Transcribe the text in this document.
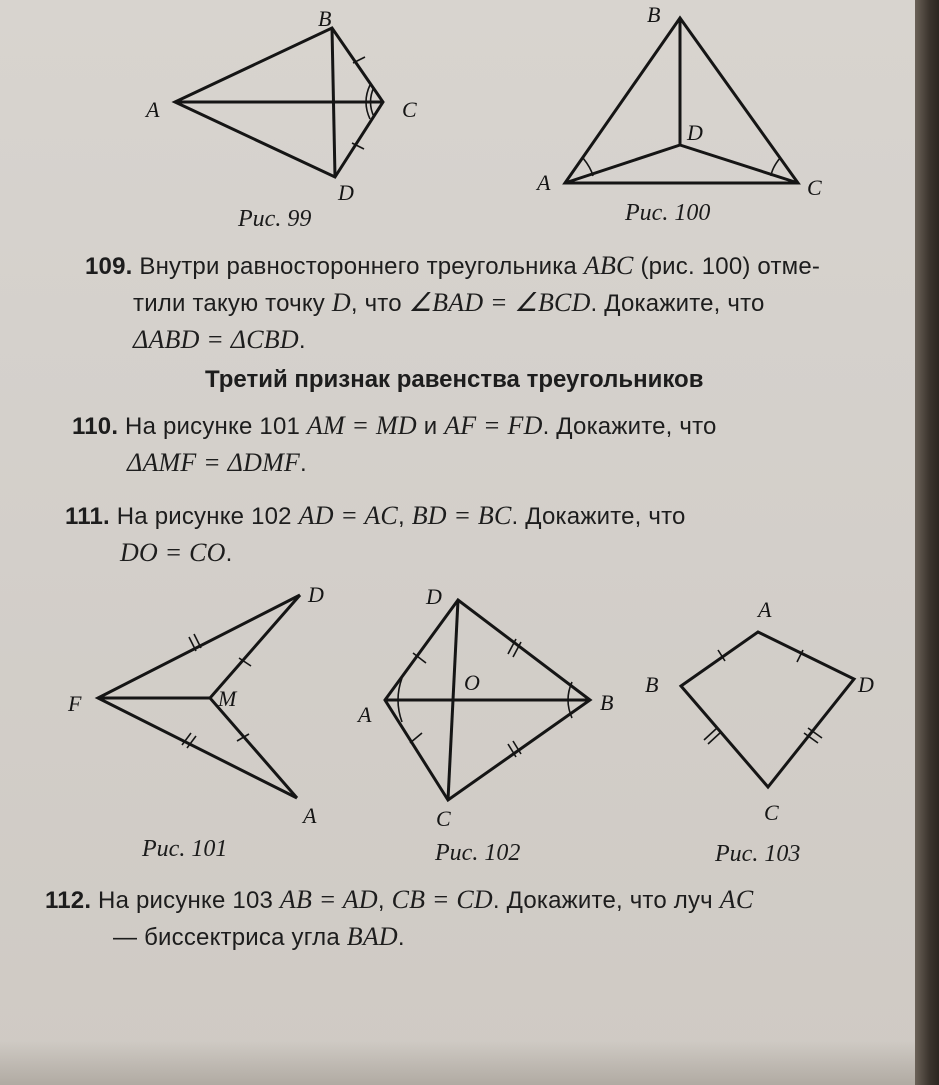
A
B
C
D
Рис. 99
A
B
C
D
Рис. 100
109. Внутри равностороннего треугольника ABC (рис. 100) отме-
тили такую точку D, что ∠BAD = ∠BCD. Докажите, что
ΔABD = ΔCBD.
Третий признак равенства треугольников
110. На рисунке 101 AM = MD и AF = FD. Докажите, что
ΔAMF = ΔDMF.
111. На рисунке 102 AD = AC, BD = BC. Докажите, что
DO = CO.
F	M
D
A
Рис. 101
A	B
C
D
O
Рис. 102
A
B
C
D
Рис. 103
112. На рисунке 103 AB = AD, CB = CD. Докажите, что луч AC
— биссектриса угла BAD.
